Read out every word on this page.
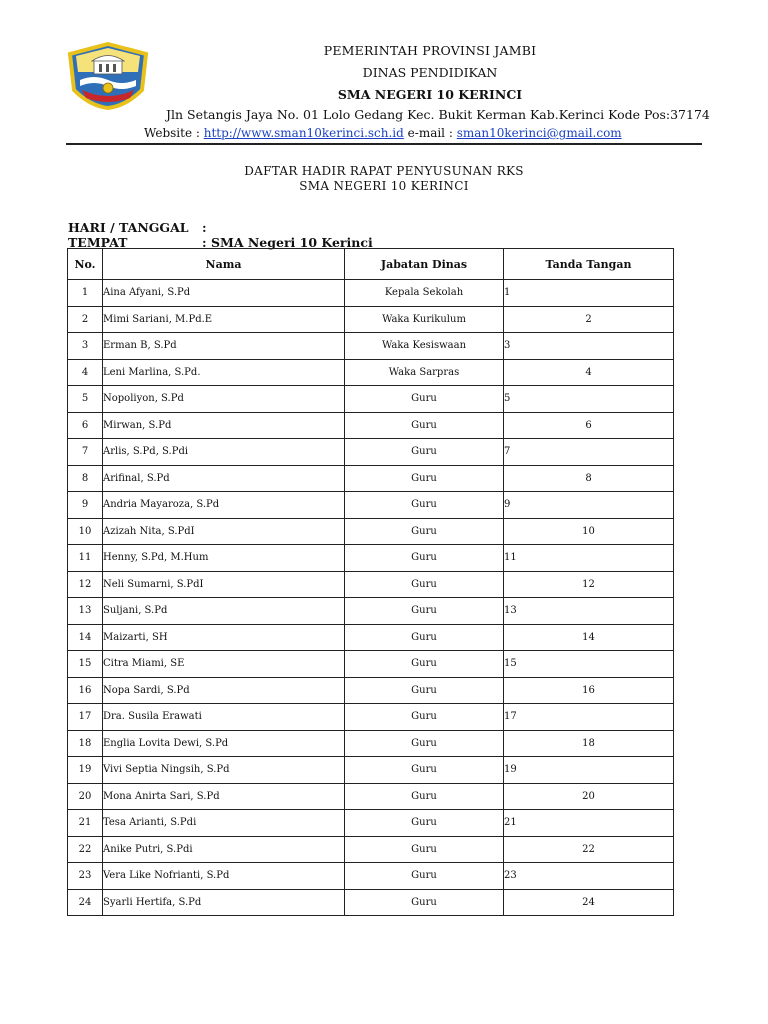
PEMERINTAH PROVINSI JAMBI
DINAS PENDIDIKAN
SMA NEGERI 10 KERINCI
Jln Setangis Jaya No. 01 Lolo Gedang Kec. Bukit Kerman Kab.Kerinci Kode Pos:37174
Website : http://www.sman10kerinci.sch.id e-mail : sman10kerinci@gmail.com
DAFTAR HADIR RAPAT PENYUSUNAN RKS
SMA NEGERI 10 KERINCI
HARI / TANGGAL :
TEMPAT	: SMA Negeri 10 Kerinci
No.	Nama	Jabatan Dinas	Tanda Tangan
1	Aina Afyani, S.Pd	Kepala Sekolah	1
2	Mimi Sariani, M.Pd.E	Waka Kurikulum	2
3	Erman B, S.Pd	Waka Kesiswaan	3
4	Leni Marlina, S.Pd.	Waka Sarpras	4
5	Nopoliyon, S.Pd	Guru	5
6	Mirwan, S.Pd	Guru	6
7	Arlis, S.Pd, S.Pdi	Guru	7
8	Arifinal, S.Pd	Guru	8
9	Andria Mayaroza, S.Pd	Guru	9
10	Azizah Nita, S.PdI	Guru	10
11	Henny, S.Pd, M.Hum	Guru	11
12	Neli Sumarni, S.PdI	Guru	12
13	Suljani, S.Pd	Guru	13
14	Maizarti, SH	Guru	14
15	Citra Miami, SE	Guru	15
16	Nopa Sardi, S.Pd	Guru	16
17	Dra. Susila Erawati	Guru	17
18	Englia Lovita Dewi, S.Pd	Guru	18
19	Vivi Septia Ningsih, S.Pd	Guru	19
20	Mona Anirta Sari, S.Pd	Guru	20
21	Tesa Arianti, S.Pdi	Guru	21
22	Anike Putri, S.Pdi	Guru	22
23	Vera Like Nofrianti, S.Pd	Guru	23
24	Syarli Hertifa, S.Pd	Guru	24
